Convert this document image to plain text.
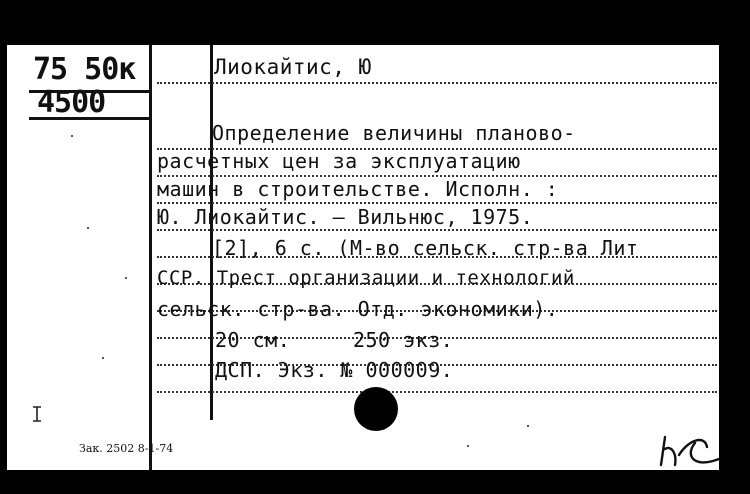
75 50к
4500
Лиокайтис, Ю
Определение величины планово-
расчетных цен за эксплуатацию
машин в строительстве. Исполн. :
Ю. Лиокайтис. — Вильнюс, 1975.
[2], 6 с. (М-во сельск. стр-ва Лит
ССР. Трест организации и технологий
сельск. стр-ва. Отд. экономики).
20 см.     250 экз.
ДСП. Экз. № 000009.
Зак. 2502 8-1-74
